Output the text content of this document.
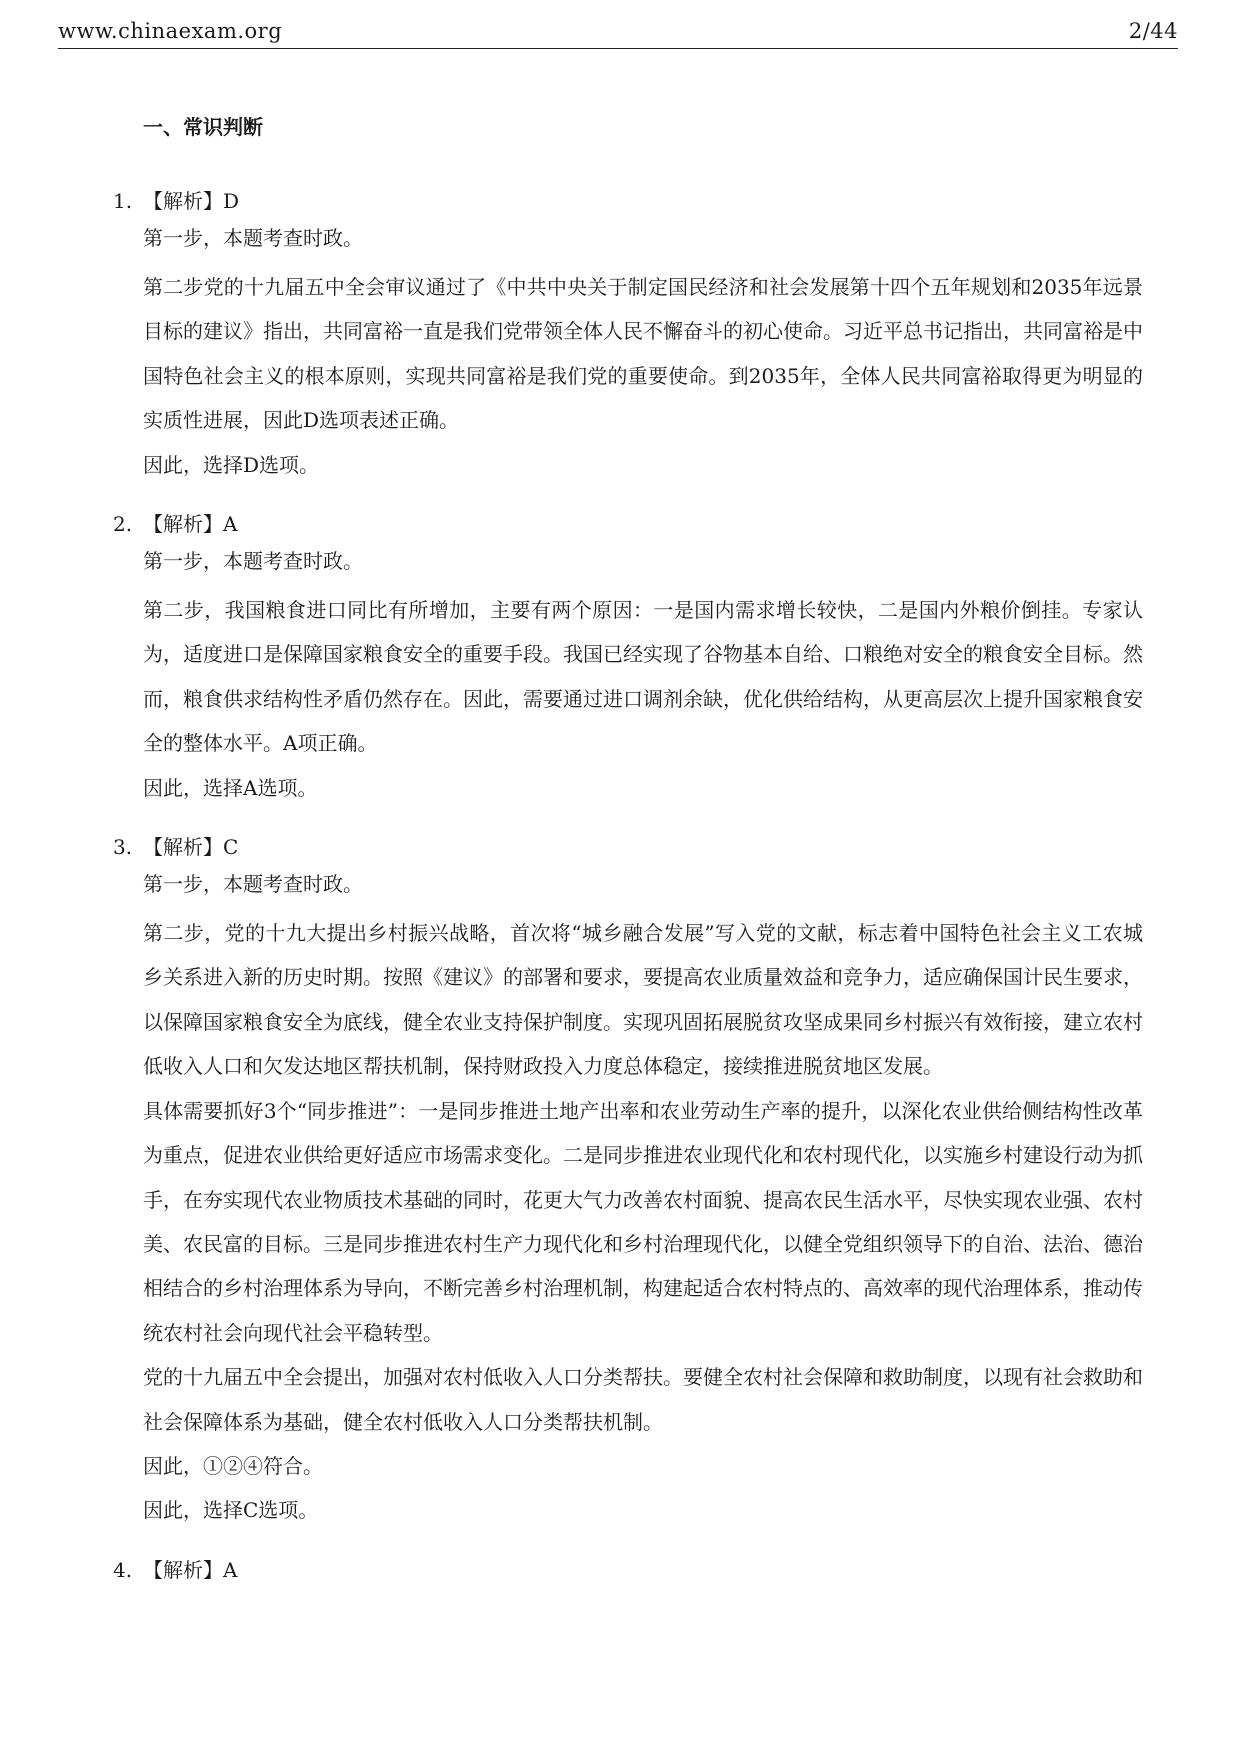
www.chinaexam.org	2/44
一、常识判断
1. 【解析】D

第一步，本题考查时政。

第二步党的十九届五中全会审议通过了《中共中央关于制定国民经济和社会发展第十四个五年规划和2035年远景目标的建议》指出，共同富裕一直是我们党带领全体人民不懈奋斗的初心使命。习近平总书记指出，共同富裕是中国特色社会主义的根本原则，实现共同富裕是我们党的重要使命。到2035年，全体人民共同富裕取得更为明显的实质性进展，因此D选项表述正确。

因此，选择D选项。

2. 【解析】A

第一步，本题考查时政。

第二步，我国粮食进口同比有所增加，主要有两个原因：一是国内需求增长较快，二是国内外粮价倒挂。专家认为，适度进口是保障国家粮食安全的重要手段。我国已经实现了谷物基本自给、口粮绝对安全的粮食安全目标。然而，粮食供求结构性矛盾仍然存在。因此，需要通过进口调剂余缺，优化供给结构，从更高层次上提升国家粮食安全的整体水平。A项正确。

因此，选择A选项。

3. 【解析】C

第一步，本题考查时政。

第二步，党的十九大提出乡村振兴战略，首次将“城乡融合发展”写入党的文献，标志着中国特色社会主义工农城乡关系进入新的历史时期。按照《建议》的部署和要求，要提高农业质量效益和竞争力，适应确保国计民生要求，以保障国家粮食安全为底线，健全农业支持保护制度。实现巩固拓展脱贫攻坚成果同乡村振兴有效衔接，建立农村低收入人口和欠发达地区帮扶机制，保持财政投入力度总体稳定，接续推进脱贫地区发展。

具体需要抓好3个“同步推进”：一是同步推进土地产出率和农业劳动生产率的提升，以深化农业供给侧结构性改革为重点，促进农业供给更好适应市场需求变化。二是同步推进农业现代化和农村现代化，以实施乡村建设行动为抓手，在夯实现代农业物质技术基础的同时，花更大气力改善农村面貌、提高农民生活水平，尽快实现农业强、农村美、农民富的目标。三是同步推进农村生产力现代化和乡村治理现代化，以健全党组织领导下的自治、法治、德治相结合的乡村治理体系为导向，不断完善乡村治理机制，构建起适合农村特点的、高效率的现代治理体系，推动传统农村社会向现代社会平稳转型。

党的十九届五中全会提出，加强对农村低收入人口分类帮扶。要健全农村社会保障和救助制度，以现有社会救助和社会保障体系为基础，健全农村低收入人口分类帮扶机制。

因此，①②④符合。

因此，选择C选项。

4. 【解析】A
